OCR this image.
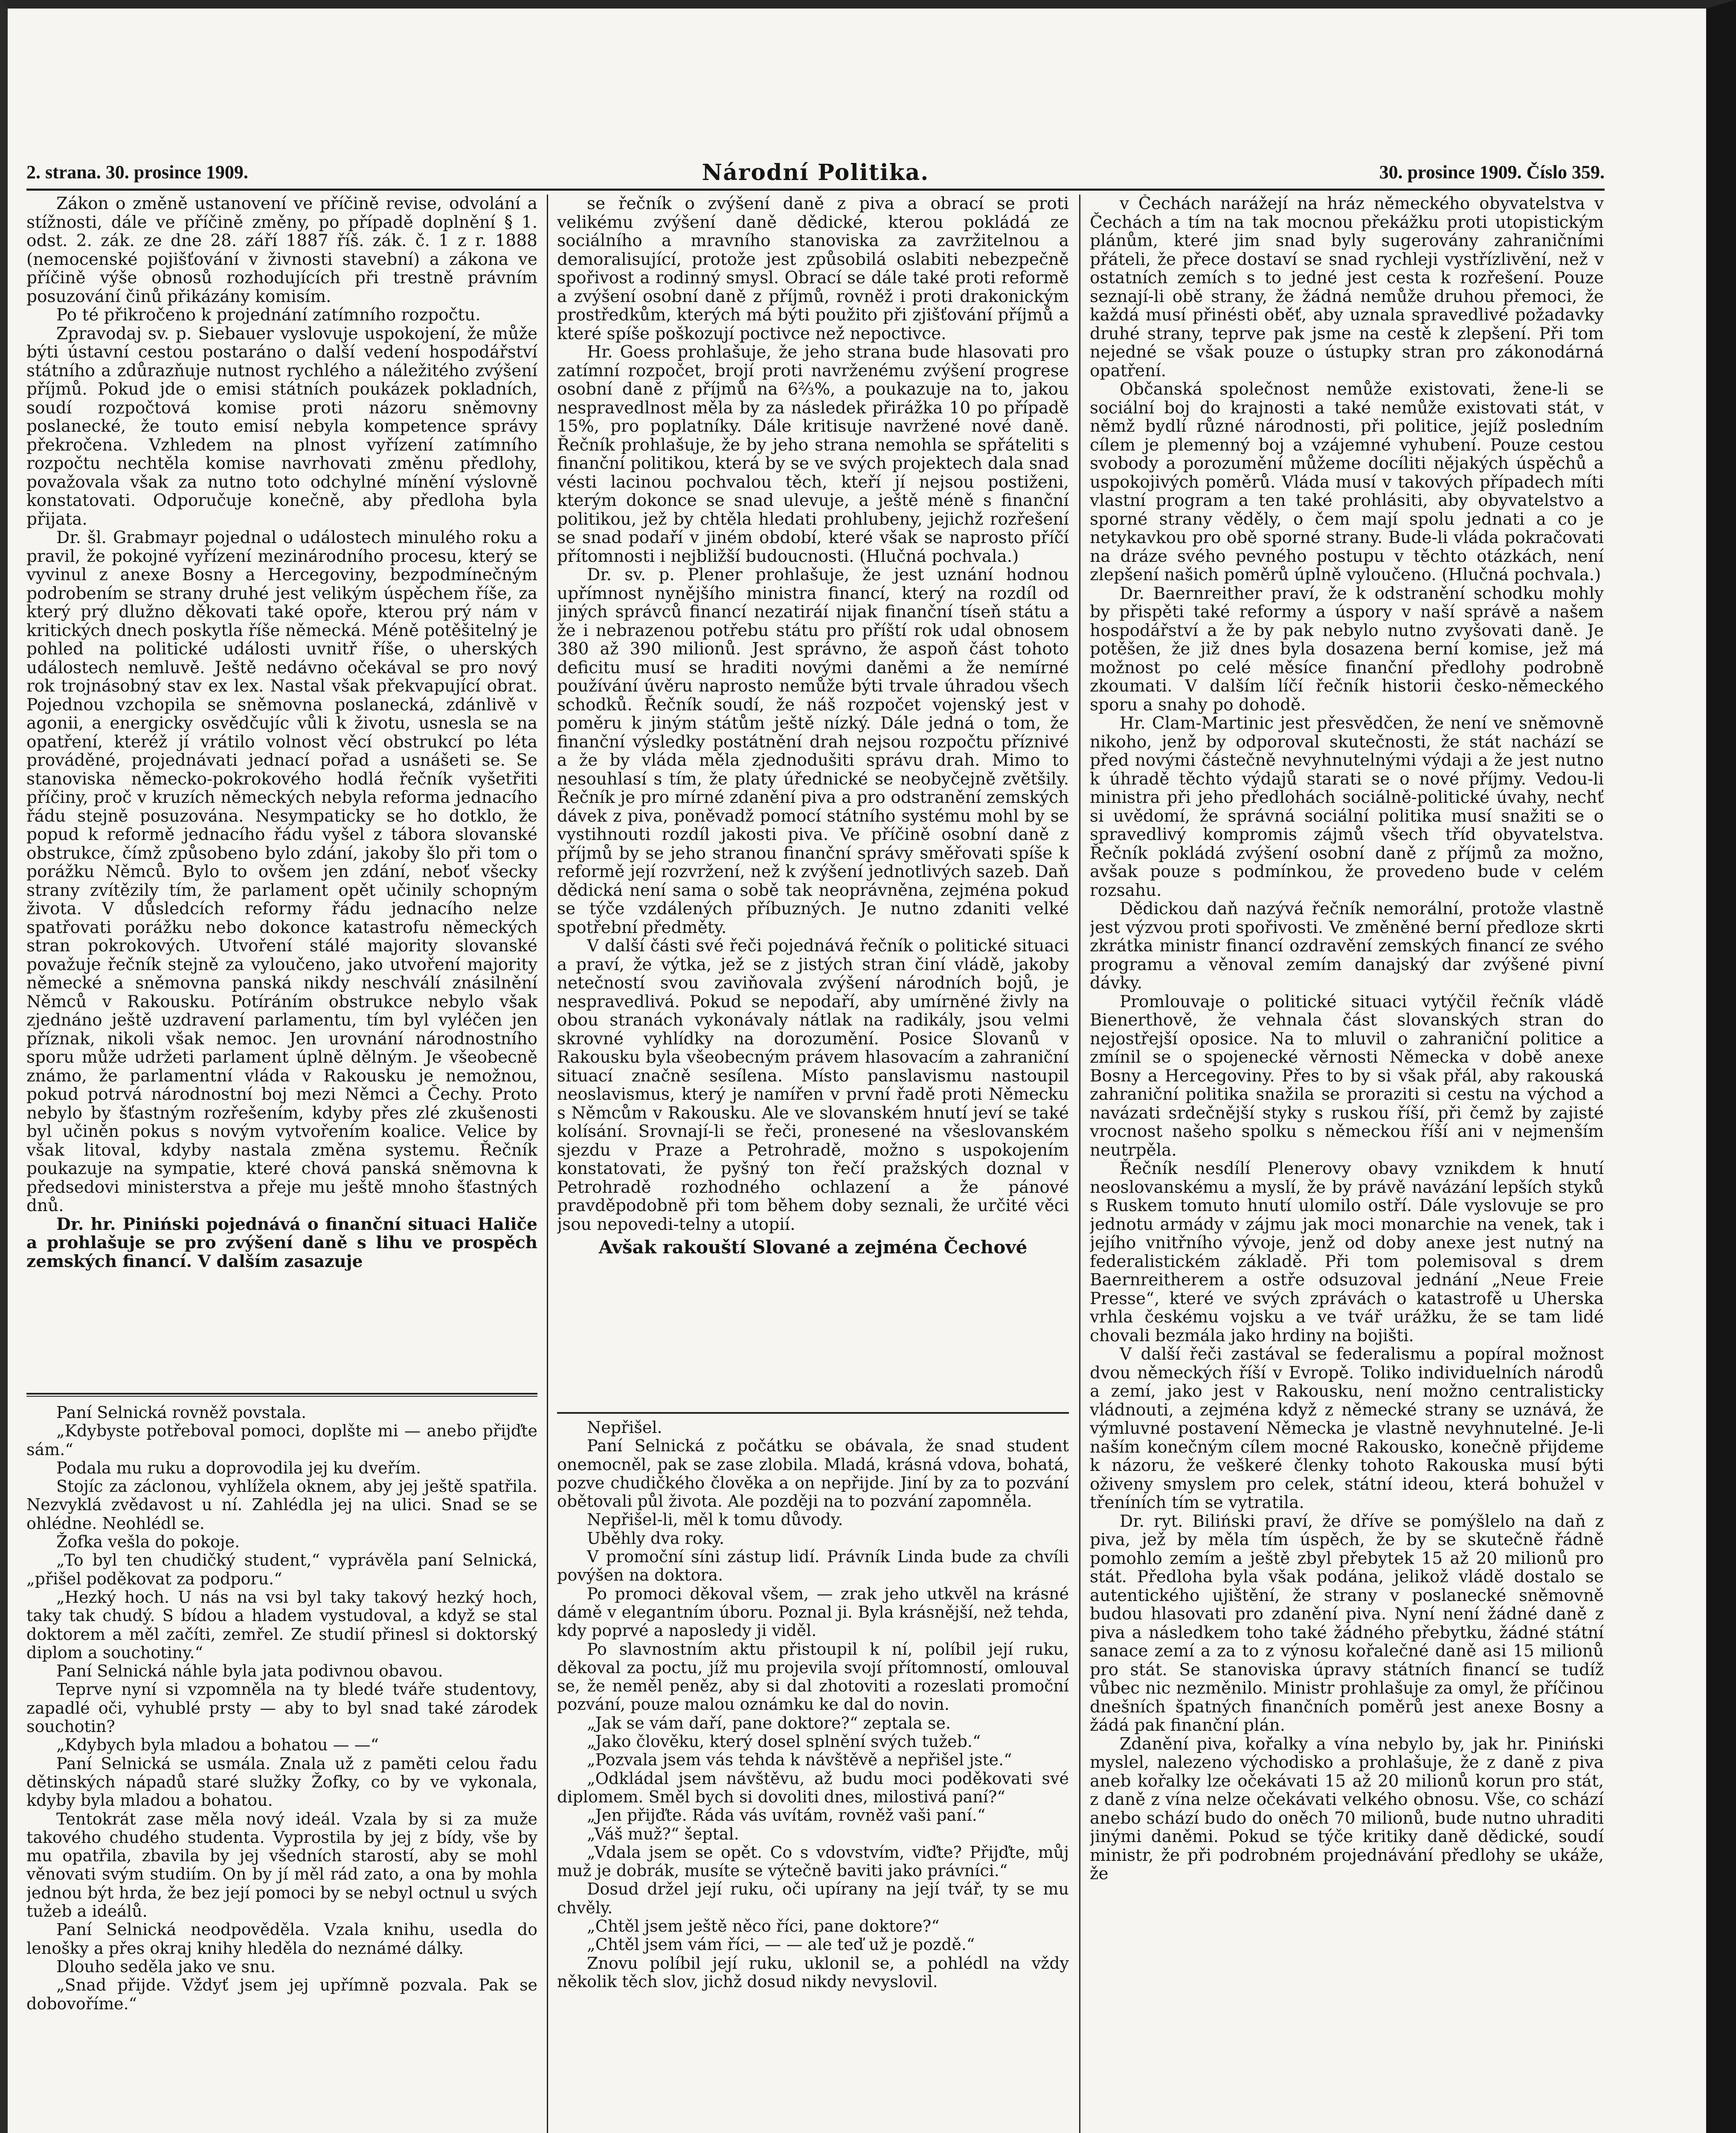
2. strana. 30. prosince 1909.	Národní Politika.	30. prosince 1909. Číslo 359.

Zákon o změně ustanovení ve příčině revise, odvolání a stížnosti, dále ve příčině změny, po případě doplnění § 1. odst. 2. zák. ze dne 28. září 1887 říš. zák. č. 1 z r. 1888 (nemocenské pojišťování v živnosti stavební) a zákona ve příčině výše obnosů rozhodujících při trestně právním posuzování činů přikázány komisím.

Po té přikročeno k projednání zatímního rozpočtu.

Zpravodaj sv. p. Siebauer vyslovuje uspokojení, že může býti ústavní cestou postaráno o další vedení hospodářství státního a zdůrazňuje nutnost rychlého a náležitého zvýšení příjmů. Pokud jde o emisi státních poukázek pokladních, soudí rozpočtová komise proti názoru sněmovny poslanecké, že touto emisí nebyla kompetence správy překročena. Vzhledem na plnost vyřízení zatímního rozpočtu nechtěla komise navrhovati změnu předlohy, považovala však za nutno toto odchylné mínění výslovně konstatovati. Odporučuje konečně, aby předloha byla přijata.

Dr. šl. Grabmayr pojednal o událostech minulého roku a pravil, že pokojné vyřízení mezinárodního procesu, který se vyvinul z anexe Bosny a Hercegoviny, bezpodmínečným podrobením se strany druhé jest velikým úspěchem říše, za který prý dlužno děkovati také opoře, kterou prý nám v kritických dnech poskytla říše německá. Méně potěšitelný je pohled na politické události uvnitř říše, o uherských událostech nemluvě. Ještě nedávno očekával se pro nový rok trojnásobný stav ex lex. Nastal však překvapující obrat. Pojednou vzchopila se sněmovna poslanecká, zdánlivě v agonii, a energicky osvědčujíc vůli k životu, usnesla se na opatření, kteréž jí vrátilo volnost věcí obstrukcí po léta prováděné, projednávati jednací pořad a usnášeti se. Se stanoviska německo-pokrokového hodlá řečník vyšetřiti příčiny, proč v kruzích německých nebyla reforma jednacího řádu stejně posuzována. Nesympaticky se ho dotklo, že popud k reformě jednacího řádu vyšel z tábora slovanské obstrukce, čímž způsobeno bylo zdání, jakoby šlo při tom o porážku Němců. Bylo to ovšem jen zdání, neboť všecky strany zvítězily tím, že parlament opět učinily schopným života. V důsledcích reformy řádu jednacího nelze spatřovati porážku nebo dokonce katastrofu německých stran pokrokových. Utvoření stálé majority slovanské považuje řečník stejně za vyloučeno, jako utvoření majority německé a sněmovna panská nikdy neschválí znásilnění Němců v Rakousku. Potíráním obstrukce nebylo však zjednáno ještě uzdravení parlamentu, tím byl vyléčen jen příznak, nikoli však nemoc. Jen urovnání národnostního sporu může udržeti parlament úplně dělným. Je všeobecně známo, že parlamentní vláda v Rakousku je nemožnou, pokud potrvá národnostní boj mezi Němci a Čechy. Proto nebylo by šťastným rozřešením, kdyby přes zlé zkušenosti byl učiněn pokus s novým vytvořením koalice. Velice by však litoval, kdyby nastala změna systemu. Řečník poukazuje na sympatie, které chová panská sněmovna k předsedovi ministerstva a přeje mu ještě mnoho šťastných dnů.

Dr. hr. Piniński pojednává o finanční situaci Haliče a prohlašuje se pro zvýšení daně s lihu ve prospěch zemských financí. V dalším zasazuje

se řečník o zvýšení daně z piva a obrací se proti velikému zvýšení daně dědické, kterou pokládá ze sociálního a mravního stanoviska za zavržitelnou a demoralisující, protože jest způsobilá oslabiti nebezpečně spořivost a rodinný smysl. Obrací se dále také proti reformě a zvýšení osobní daně z příjmů, rovněž i proti drakonickým prostředkům, kterých má býti použito při zjišťování příjmů a které spíše poškozují poctivce než nepoctivce.

Hr. Goess prohlašuje, že jeho strana bude hlasovati pro zatímní rozpočet, brojí proti navrženému zvýšení progrese osobní daně z příjmů na 6⅔%, a poukazuje na to, jakou nespravedlnost měla by za následek přirážka 10 po případě 15%, pro poplatníky. Dále kritisuje navržené nové daně. Řečník prohlašuje, že by jeho strana nemohla se spřáteliti s finanční politikou, která by se ve svých projektech dala snad vésti lacinou pochvalou těch, kteří jí nejsou postiženi, kterým dokonce se snad ulevuje, a ještě méně s finanční politikou, jež by chtěla hledati prohlubeny, jejichž rozřešení se snad podaří v jiném období, které však se naprosto příčí přítomnosti i nejbližší budoucnosti. (Hlučná pochvala.)

Dr. sv. p. Plener prohlašuje, že jest uznání hodnou upřímnost nynějšího ministra financí, který na rozdíl od jiných správců financí nezatiráí nijak finanční tíseň státu a že i nebrazenou potřebu státu pro příští rok udal obnosem 380 až 390 milionů. Jest správno, že aspoň část tohoto deficitu musí se hraditi novými daněmi a že nemírné používání úvěru naprosto nemůže býti trvale úhradou všech schodků. Řečník soudí, že náš rozpočet vojenský jest v poměru k jiným státům ještě nízký. Dále jedná o tom, že finanční výsledky postátnění drah nejsou rozpočtu příznivé a že by vláda měla zjednodušiti správu drah. Mimo to nesouhlasí s tím, že platy úřednické se neobyčejně zvětšily. Řečník je pro mírné zdanění piva a pro odstranění zemských dávek z piva, poněvadž pomocí státního systému mohl by se vystihnouti rozdíl jakosti piva. Ve příčině osobní daně z příjmů by se jeho stranou finanční správy směřovati spíše k reformě její rozvržení, než k zvýšení jednotlivých sazeb. Daň dědická není sama o sobě tak neoprávněna, zejména pokud se týče vzdálených příbuzných. Je nutno zdaniti velké spotřební předměty.

V další části své řeči pojednává řečník o politické situaci a praví, že výtka, jež se z jistých stran činí vládě, jakoby netečností svou zaviňovala zvýšení národních bojů, je nespravedlivá. Pokud se nepodaří, aby umírněné živly na obou stranách vykonávaly nátlak na radikály, jsou velmi skrovné vyhlídky na dorozumění. Posice Slovanů v Rakousku byla všeobecným právem hlasovacím a zahraniční situací značně sesílena. Místo panslavismu nastoupil neoslavismus, který je namířen v první řadě proti Německu s Němcům v Rakousku. Ale ve slovanském hnutí jeví se také kolísání. Srovnají-li se řeči, pronesené na všeslovanském sjezdu v Praze a Petrohradě, možno s uspokojením konstatovati, že pyšný ton řečí pražských doznal v Petrohradě rozhodného ochlazení a že pánové pravděpodobně při tom během doby seznali, že určité věci jsou nepovedi-telny a utopií.

Avšak rakouští Slované a zejména Čechové

v Čechách narážejí na hráz německého obyvatelstva v Čechách a tím na tak mocnou překážku proti utopistickým plánům, které jim snad byly sugerovány zahraničními přáteli, že přece dostaví se snad rychleji vystřízlivění, než v ostatních zemích s to jedné jest cesta k rozřešení. Pouze seznají-li obě strany, že žádná nemůže druhou přemoci, že každá musí přinésti oběť, aby uznala spravedlivé požadavky druhé strany, teprve pak jsme na cestě k zlepšení. Při tom nejedné se však pouze o ústupky stran pro zákonodárná opatření.

Občanská společnost nemůže existovati, žene-li se sociální boj do krajnosti a také nemůže existovati stát, v němž bydlí různé národnosti, při politice, jejíž posledním cílem je plemenný boj a vzájemné vyhubení. Pouze cestou svobody a porozumění můžeme docíliti nějakých úspěchů a uspokojivých poměrů. Vláda musí v takových případech míti vlastní program a ten také prohlásiti, aby obyvatelstvo a sporné strany věděly, o čem mají spolu jednati a co je netykavkou pro obě sporné strany. Bude-li vláda pokračovati na dráze svého pevného postupu v těchto otázkách, není zlepšení našich poměrů úplně vyloučeno. (Hlučná pochvala.)

Dr. Baernreither praví, že k odstranění schodku mohly by přispěti také reformy a úspory v naší správě a našem hospodářství a že by pak nebylo nutno zvyšovati daně. Je potěšen, že již dnes byla dosazena berní komise, jež má možnost po celé měsíce finanční předlohy podrobně zkoumati. V dalším líčí řečník historii česko-německého sporu a snahy po dohodě.

Hr. Clam-Martinic jest přesvědčen, že není ve sněmovně nikoho, jenž by odporoval skutečnosti, že stát nachází se před novými částečně nevyhnutelnými výdaji a že jest nutno k úhradě těchto výdajů starati se o nové příjmy. Vedou-li ministra při jeho předlohách sociálně-politické úvahy, nechť si uvědomí, že správná sociální politika musí snažiti se o spravedlivý kompromis zájmů všech tříd obyvatelstva. Řečník pokládá zvýšení osobní daně z příjmů za možno, avšak pouze s podmínkou, že provedeno bude v celém rozsahu.

Dědickou daň nazývá řečník nemorální, protože vlastně jest výzvou proti spořivosti. Ve změněné berní předloze skrti zkrátka ministr financí ozdravění zemských financí ze svého programu a věnoval zemím danajský dar zvýšené pivní dávky.

Promlouvaje o politické situaci vytýčil řečník vládě Bienerthově, že vehnala část slovanských stran do nejostřejší oposice. Na to mluvil o zahraniční politice a zmínil se o spojenecké věrnosti Německa v době anexe Bosny a Hercegoviny. Přes to by si však přál, aby rakouská zahraniční politika snažila se proraziti si cestu na východ a navázati srdečnější styky s ruskou říší, při čemž by zajisté vrocnost našeho spolku s německou říší ani v nejmenším neutrpěla.

Řečník nesdílí Plenerovy obavy vznikdem k hnutí neoslovanskému a myslí, že by právě navázání lepších styků s Ruskem tomuto hnutí ulomilo ostří. Dále vyslovuje se pro jednotu armády v zájmu jak moci monarchie na venek, tak i jejího vnitřního vývoje, jenž od doby anexe jest nutný na federalistickém základě. Při tom polemisoval s drem Baernreitherem a ostře odsuzoval jednání „Neue Freie Presse“, které ve svých zprávách o katastrofě u Uherska vrhla českému vojsku a ve tvář urážku, že se tam lidé chovali bezmála jako hrdiny na bojišti.

V další řeči zastával se federalismu a popíral možnost dvou německých říší v Evropě. Toliko individuelních národů a zemí, jako jest v Rakousku, není možno centralisticky vládnouti, a zejména když z německé strany se uznává, že výmluvné postavení Německa je vlastně nevyhnutelné. Je-li naším konečným cílem mocné Rakousko, konečně přijdeme k názoru, že veškeré členky tohoto Rakouska musí býti oživeny smyslem pro celek, státní ideou, která bohužel v třeníních tím se vytratila.

Dr. ryt. Biliński praví, že dříve se pomýšlelo na daň z piva, jež by měla tím úspěch, že by se skutečně řádně pomohlo zemím a ještě zbyl přebytek 15 až 20 milionů pro stát. Předloha byla však podána, jelikož vládě dostalo se autentického ujištění, že strany v poslanecké sněmovně budou hlasovati pro zdanění piva. Nyní není žádné daně z piva a následkem toho také žádného přebytku, žádné státní sanace zemí a za to z výnosu kořalečné daně asi 15 milionů pro stát. Se stanoviska úpravy státních financí se tudíž vůbec nic nezměnilo. Ministr prohlašuje za omyl, že příčinou dnešních špatných finančních poměrů jest anexe Bosny a žádá pak finanční plán.

Zdanění piva, kořalky a vína nebylo by, jak hr. Piniński myslel, nalezeno východisko a prohlašuje, že z daně z piva aneb kořalky lze očekávati 15 až 20 milionů korun pro stát, z daně z vína nelze očekávati velkého obnosu. Vše, co schází anebo schází budo do oněch 70 milionů, bude nutno uhraditi jinými daněmi. Pokud se týče kritiky daně dědické, soudí ministr, že při podrobném projednávání předlohy se ukáže, že

Paní Selnická rovněž povstala.

„Kdybyste potřeboval pomoci, doplšte mi — anebo přijďte sám.“

Podala mu ruku a doprovodila jej ku dveřím.

Stojíc za záclonou, vyhlížela oknem, aby jej ještě spatřila. Nezvyklá zvědavost u ní. Zahlédla jej na ulici. Snad se se ohlédne. Neohlédl se.

Žofka vešla do pokoje.

„To byl ten chudičký student,“ vyprávěla paní Selnická, „přišel poděkovat za podporu.“

„Hezký hoch. U nás na vsi byl taky takový hezký hoch, taky tak chudý. S bídou a hladem vystudoval, a když se stal doktorem a měl začíti, zemřel. Ze studií přinesl si doktorský diplom a souchotiny.“

Paní Selnická náhle byla jata podivnou obavou.

Teprve nyní si vzpomněla na ty bledé tváře studentovy, zapadlé oči, vyhublé prsty — aby to byl snad také zárodek souchotin?

„Kdybych byla mladou a bohatou — —“

Paní Selnická se usmála. Znala už z paměti celou řadu dětinských nápadů staré služky Žofky, co by ve vykonala, kdyby byla mladou a bohatou.

Tentokrát zase měla nový ideál. Vzala by si za muže takového chudého studenta. Vyprostila by jej z bídy, vše by mu opatřila, zbavila by jej všedních starostí, aby se mohl věnovati svým studiím. On by jí měl rád zato, a ona by mohla jednou být hrda, že bez její pomoci by se nebyl octnul u svých tužeb a ideálů.

Paní Selnická neodpověděla. Vzala knihu, usedla do lenošky a přes okraj knihy hleděla do neznámé dálky.

Dlouho seděla jako ve snu.

„Snad přijde. Vždyť jsem jej upřímně pozvala. Pak se dobovoříme.“

Nepřišel.

Paní Selnická z počátku se obávala, že snad student onemocněl, pak se zase zlobila. Mladá, krásná vdova, bohatá, pozve chudičkého člověka a on nepřijde. Jiní by za to pozvání obětovali půl života. Ale později na to pozvání zapomněla.

Nepřišel-li, měl k tomu důvody.

Uběhly dva roky.

V promoční síni zástup lidí. Právník Linda bude za chvíli povýšen na doktora.

Po promoci děkoval všem, — zrak jeho utkvěl na krásné dámě v elegantním úboru. Poznal ji. Byla krásnější, než tehda, kdy poprvé a naposledy ji viděl.

Po slavnostním aktu přistoupil k ní, políbil její ruku, děkoval za poctu, jíž mu projevila svojí přítomností, omlouval se, že neměl peněz, aby si dal zhotoviti a rozeslati promoční pozvání, pouze malou oznámku ke dal do novin.

„Jak se vám daří, pane doktore?“ zeptala se.

„Jako člověku, který dosel splnění svých tužeb.“

„Pozvala jsem vás tehda k návštěvě a nepřišel jste.“

„Odkládal jsem návštěvu, až budu moci poděkovati své diplomem. Směl bych si dovoliti dnes, milostivá paní?“

„Jen přijďte. Ráda vás uvítám, rovněž vaši paní.“

„Váš muž?“ šeptal.

„Vdala jsem se opět. Co s vdovstvím, viďte? Přijďte, můj muž je dobrák, musíte se výtečně baviti jako právníci.“

Dosud držel její ruku, oči upírany na její tvář, ty se mu chvěly.

„Chtěl jsem ještě něco říci, pane doktore?“

„Chtěl jsem vám říci, — — ale teď už je pozdě.“

Znovu políbil její ruku, uklonil se, a pohlédl na vždy několik těch slov, jichž dosud nikdy nevyslovil.
